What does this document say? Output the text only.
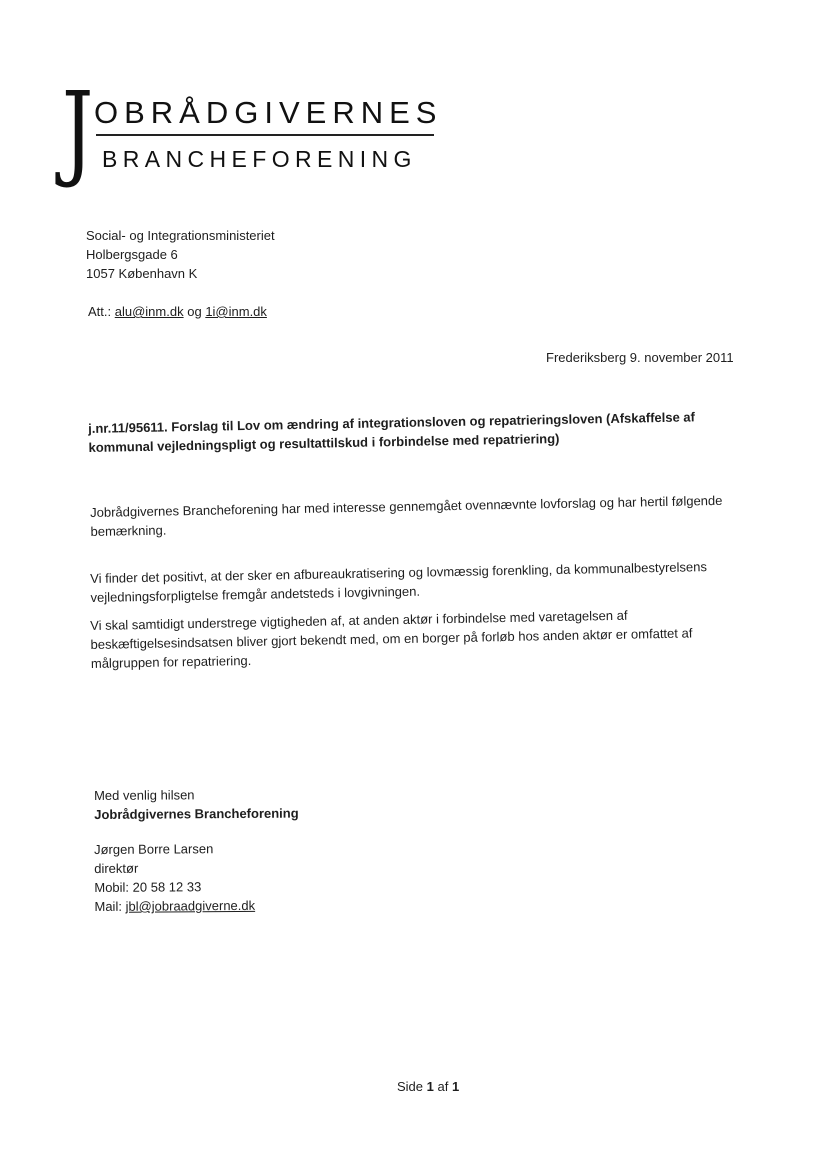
J OBRÅDGIVERNES
BRANCHEFORENING
Social- og Integrationsministeriet
Holbergsgade 6
1057 København K
Att.: alu@inm.dk og 1i@inm.dk
Frederiksberg 9. november 2011
j.nr.11/95611. Forslag til Lov om ændring af integrationsloven og repatrieringsloven (Afskaffelse af kommunal vejledningspligt og resultattilskud i forbindelse med repatriering)
Jobrådgivernes Brancheforening har med interesse gennemgået ovennævnte lovforslag og har hertil følgende bemærkning.
Vi finder det positivt, at der sker en afbureaukratisering og lovmæssig forenkling, da kommunalbestyrelsens vejledningsforpligtelse fremgår andetsteds i lovgivningen.
Vi skal samtidigt understrege vigtigheden af, at anden aktør i forbindelse med varetagelsen af beskæftigelsesindsatsen bliver gjort bekendt med, om en borger på forløb hos anden aktør er omfattet af målgruppen for repatriering.
Med venlig hilsen
Jobrådgivernes Brancheforening
Jørgen Borre Larsen
direktør
Mobil: 20 58 12 33
Mail: jbl@jobraadgiverne.dk
Side 1 af 1
